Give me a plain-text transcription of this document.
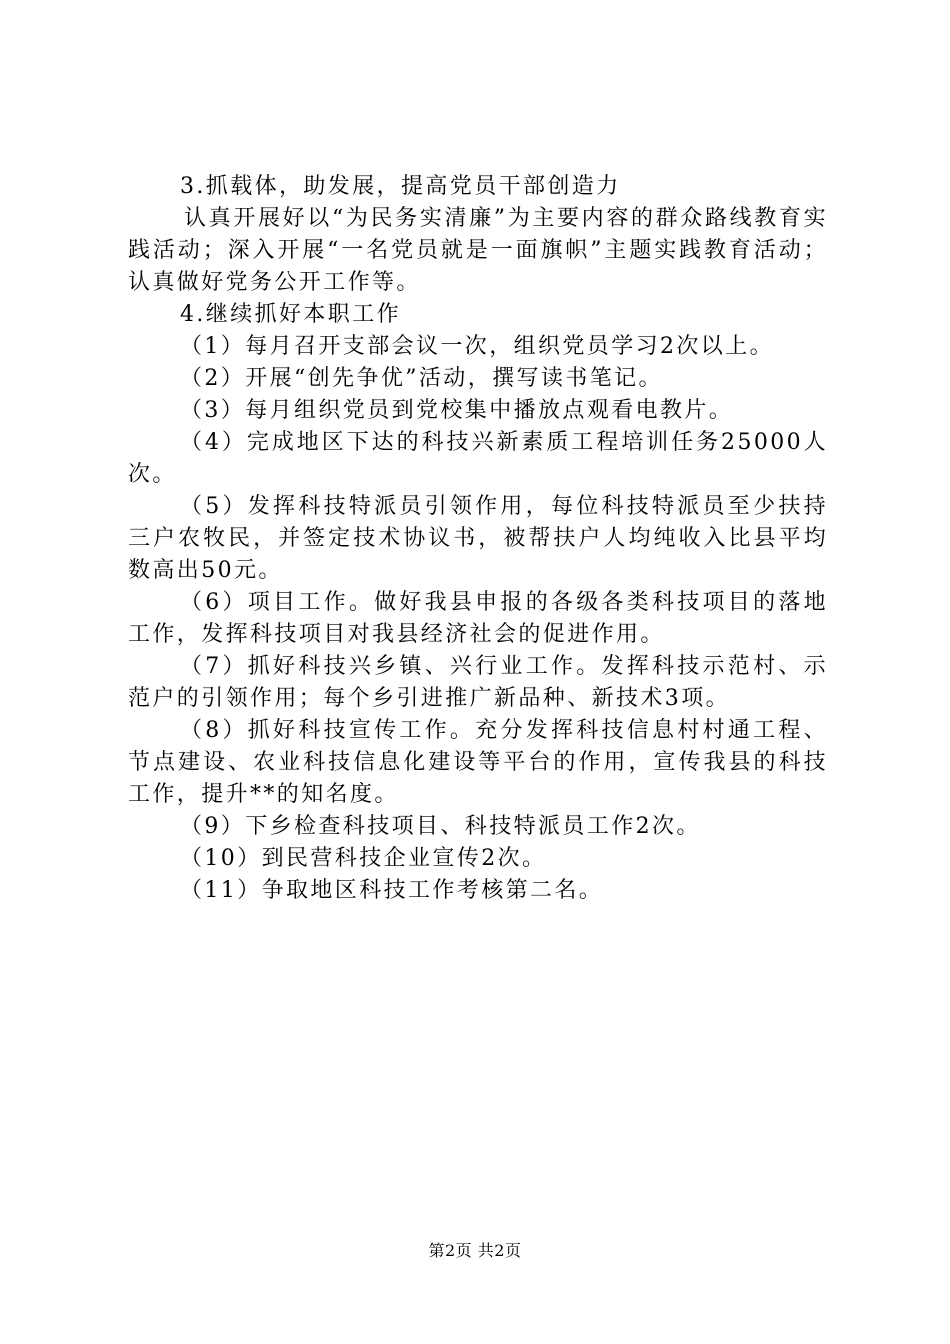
3.抓载体，助发展，提高党员干部创造力

认真开展好以“为民务实清廉”为主要内容的群众路线教育实践活动；深入开展“一名党员就是一面旗帜”主题实践教育活动；认真做好党务公开工作等。

4.继续抓好本职工作

（1）每月召开支部会议一次，组织党员学习2次以上。

（2）开展“创先争优”活动，撰写读书笔记。

（3）每月组织党员到党校集中播放点观看电教片。

（4）完成地区下达的科技兴新素质工程培训任务25000人次。

（5）发挥科技特派员引领作用，每位科技特派员至少扶持三户农牧民，并签定技术协议书，被帮扶户人均纯收入比县平均数高出50元。

（6）项目工作。做好我县申报的各级各类科技项目的落地工作，发挥科技项目对我县经济社会的促进作用。

（7）抓好科技兴乡镇、兴行业工作。发挥科技示范村、示范户的引领作用；每个乡引进推广新品种、新技术3项。

（8）抓好科技宣传工作。充分发挥科技信息村村通工程、节点建设、农业科技信息化建设等平台的作用，宣传我县的科技工作，提升**的知名度。

（9）下乡检查科技项目、科技特派员工作2次。

（10）到民营科技企业宣传2次。

（11）争取地区科技工作考核第二名。

第2页 共2页
